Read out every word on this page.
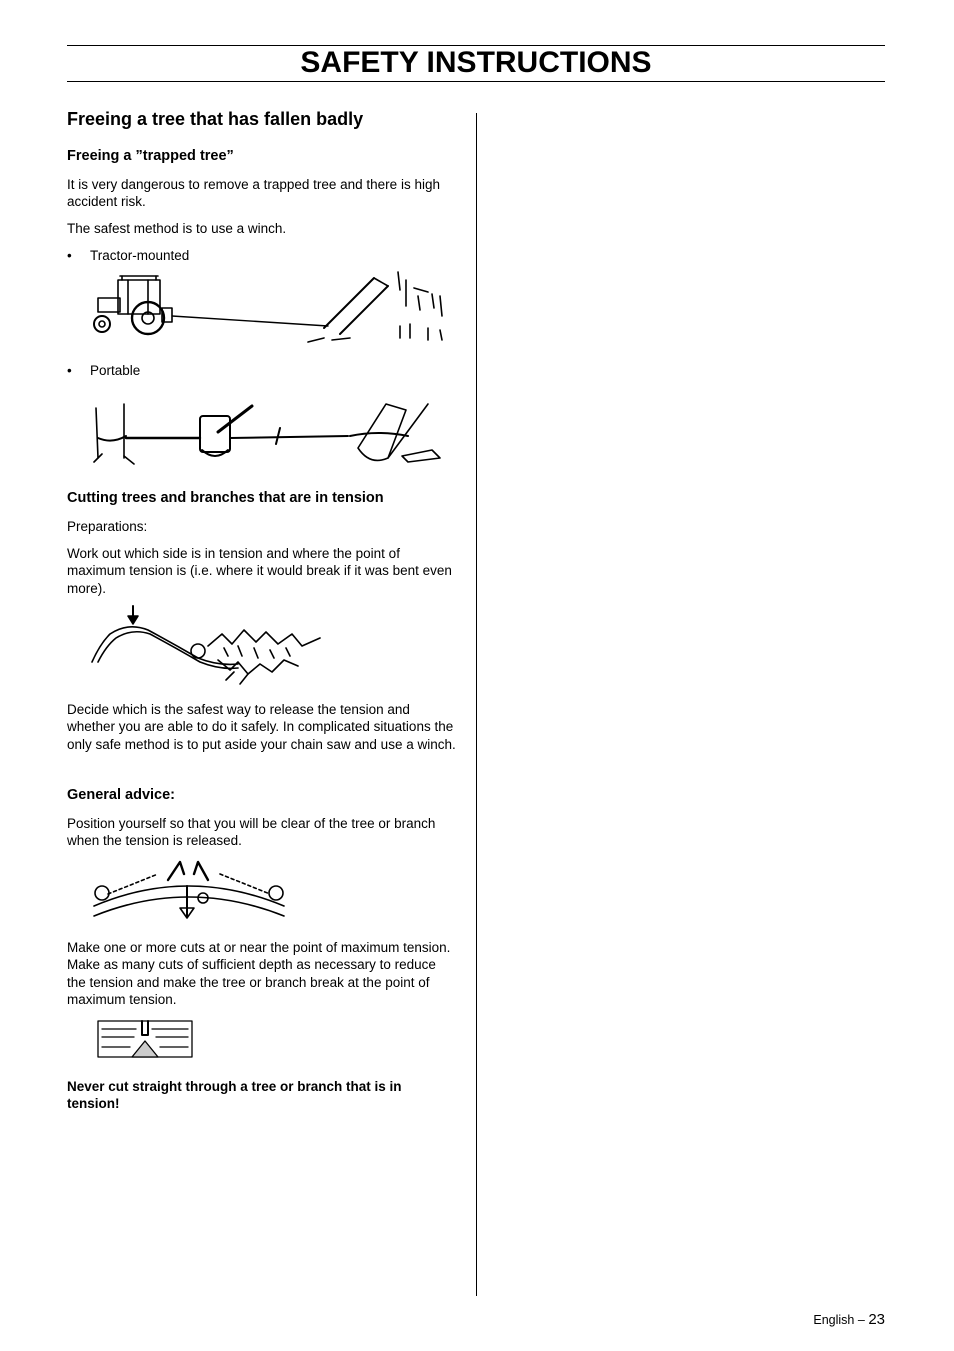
SAFETY INSTRUCTIONS
Freeing a tree that has fallen badly
Freeing a ”trapped tree”
It is very dangerous to remove a trapped tree and there is high accident risk.
The safest method is to use a winch.
• Tractor-mounted
• Portable
Cutting trees and branches that are in tension
Preparations:
Work out which side is in tension and where the point of maximum tension is (i.e. where it would break if it was bent even more).
Decide which is the safest way to release the tension and whether you are able to do it safely. In complicated situations the only safe method is to put aside your chain saw and use a winch.
General advice:
Position yourself so that you will be clear of the tree or branch when the tension is released.
Make one or more cuts at or near the point of maximum tension. Make as many cuts of sufficient depth as necessary to reduce the tension and make the tree or branch break at the point of maximum tension.
Never cut straight through a tree or branch that is in tension!
English – 23
